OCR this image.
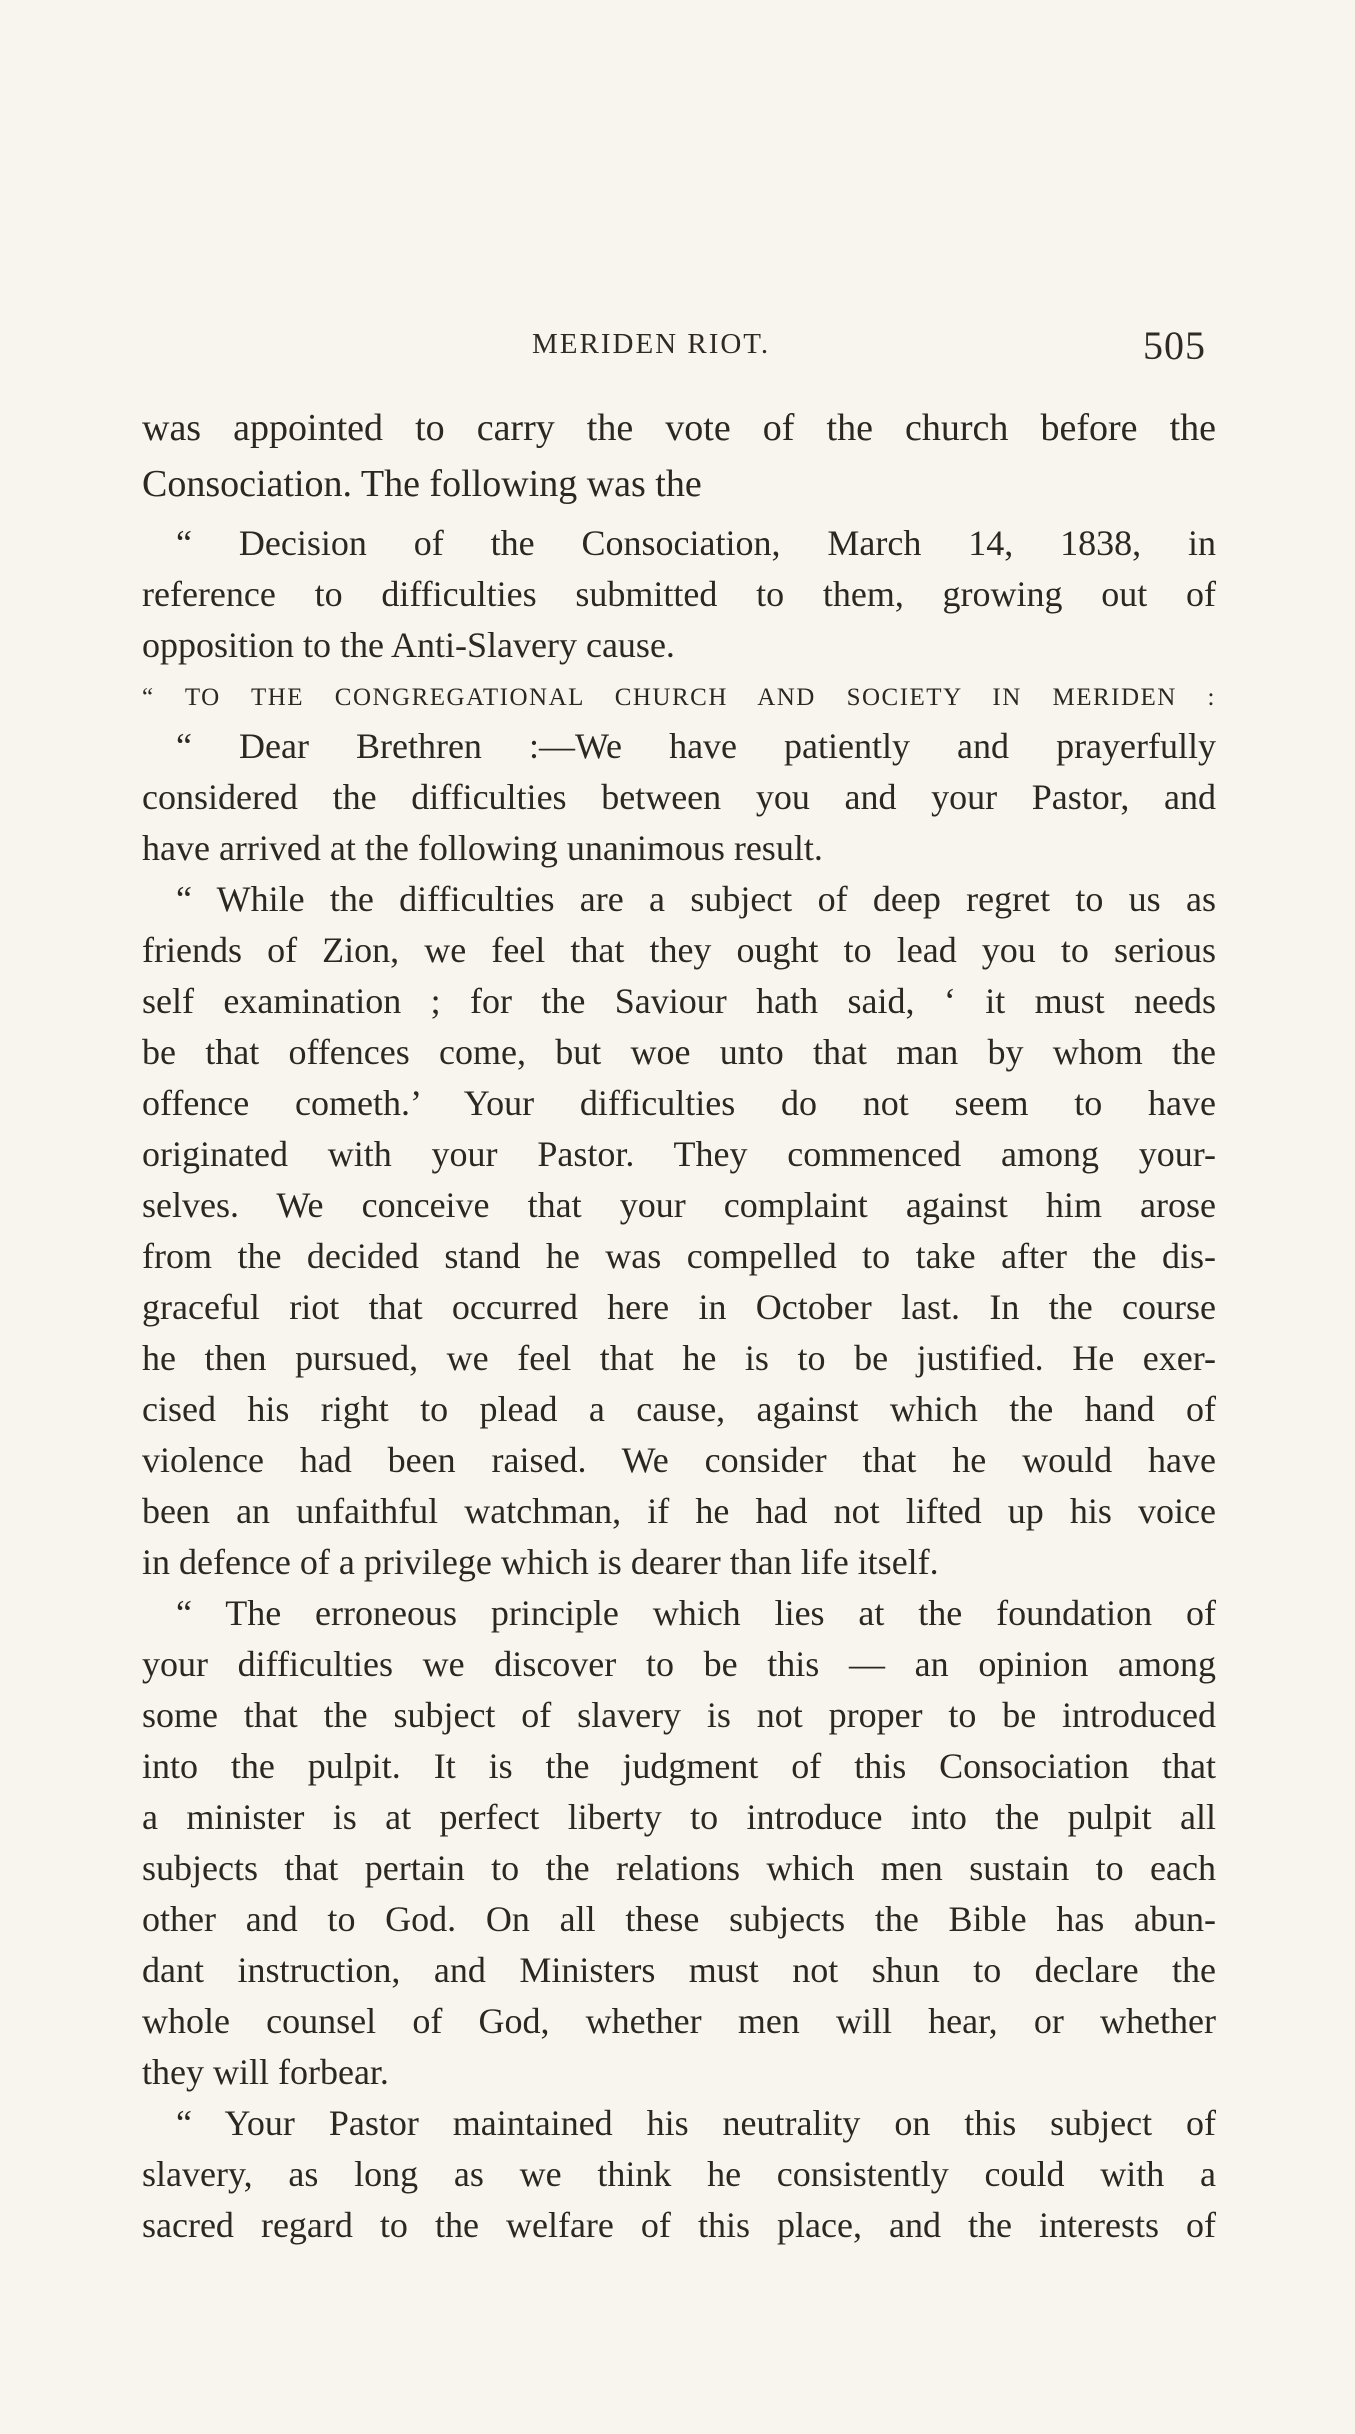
MERIDEN RIOT.	505
was appointed to carry the vote of the church before the
Consociation. The following was the
“ Decision of the Consociation, March 14, 1838, in
reference to difficulties submitted to them, growing out of
opposition to the Anti-Slavery cause.
“ TO THE CONGREGATIONAL CHURCH AND SOCIETY IN MERIDEN :
“ Dear Brethren :—We have patiently and prayerfully
considered the difficulties between you and your Pastor, and
have arrived at the following unanimous result.
“ While the difficulties are a subject of deep regret to us as
friends of Zion, we feel that they ought to lead you to serious
self examination ; for the Saviour hath said, ‘ it must needs
be that offences come, but woe unto that man by whom the
offence cometh.’ Your difficulties do not seem to have
originated with your Pastor. They commenced among your-
selves. We conceive that your complaint against him arose
from the decided stand he was compelled to take after the dis-
graceful riot that occurred here in October last. In the course
he then pursued, we feel that he is to be justified. He exer-
cised his right to plead a cause, against which the hand of
violence had been raised. We consider that he would have
been an unfaithful watchman, if he had not lifted up his voice
in defence of a privilege which is dearer than life itself.
“ The erroneous principle which lies at the foundation of
your difficulties we discover to be this — an opinion among
some that the subject of slavery is not proper to be introduced
into the pulpit. It is the judgment of this Consociation that
a minister is at perfect liberty to introduce into the pulpit all
subjects that pertain to the relations which men sustain to each
other and to God. On all these subjects the Bible has abun-
dant instruction, and Ministers must not shun to declare the
whole counsel of God, whether men will hear, or whether
they will forbear.
“ Your Pastor maintained his neutrality on this subject of
slavery, as long as we think he consistently could with a
sacred regard to the welfare of this place, and the interests of
